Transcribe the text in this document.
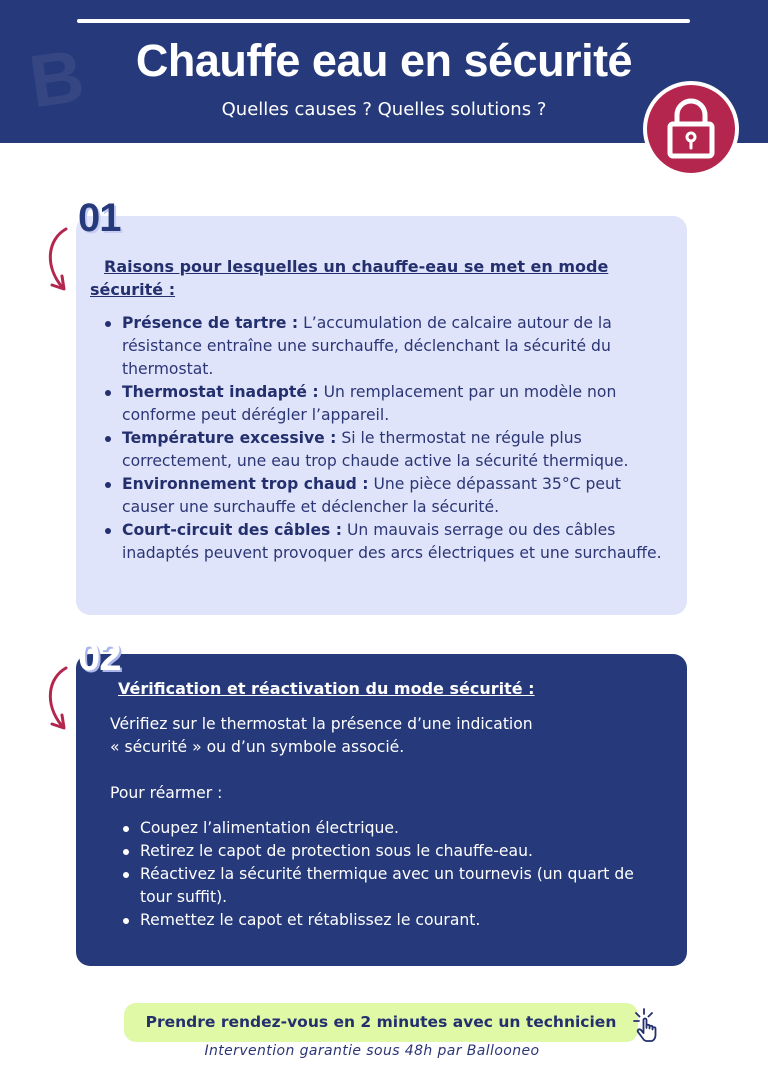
B	Chauffe eau en sécurité
Quelles causes ? Quelles solutions ?
Raisons pour lesquelles un chauffe-eau se met en mode sécurité :
Présence de tartre : L’accumulation de calcaire autour de la résistance entraîne une surchauffe, déclenchant la sécurité du thermostat.
Thermostat inadapté : Un remplacement par un modèle non conforme peut dérégler l’appareil.
Température excessive : Si le thermostat ne régule plus correctement, une eau trop chaude active la sécurité thermique.
Environnement trop chaud : Une pièce dépassant 35°C peut causer une surchauffe et déclencher la sécurité.
Court-circuit des câbles : Un mauvais serrage ou des câbles inadaptés peuvent provoquer des arcs électriques et une surchauffe.
01
Vérification et réactivation du mode sécurité :
Vérifiez sur le thermostat la présence d’une indication
« sécurité » ou d’un symbole associé.
Pour réarmer :
Coupez l’alimentation électrique.
Retirez le capot de protection sous le chauffe-eau.
Réactivez la sécurité thermique avec un tournevis (un quart de tour suffit).
Remettez le capot et rétablissez le courant.
02
Prendre rendez-vous en 2 minutes avec un technicien
Intervention garantie sous 48h par Ballooneo
